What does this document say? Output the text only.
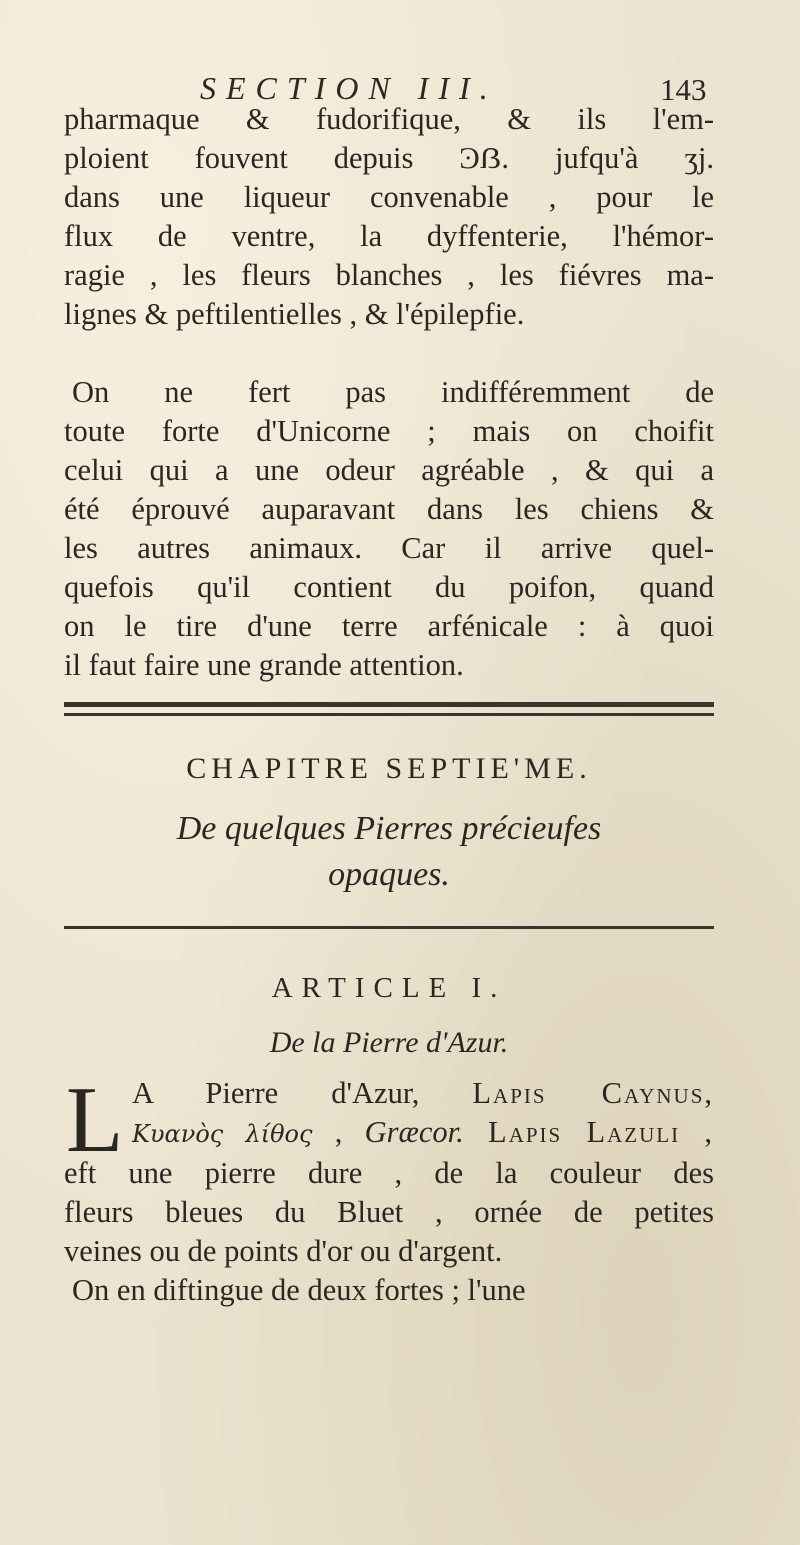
SECTION III.	143

pharmaque & fudorifique, & ils l'em-
ploient fouvent depuis Ͽẞ. jufqu'à ʒj.
dans une liqueur convenable , pour le
flux de ventre, la dyffenterie, l'hémor-
ragie , les fleurs blanches , les fiévres ma-
lignes & peftilentielles , & l'épilepfie.

On ne fert pas indifféremment de
toute forte d'Unicorne ; mais on choifit
celui qui a une odeur agréable , & qui a
été éprouvé auparavant dans les chiens &
les autres animaux. Car il arrive quel-
quefois qu'il contient du poifon, quand
on le tire d'une terre arfénicale : à quoi
il faut faire une grande attention.

CHAPITRE SEPTIE'ME.
De quelques Pierres précieufes
opaques.
ARTICLE I.
De la Pierre d'Azur.
L A Pierre d'Azur, Lapis Caynus,
Κυανὸς λίθος , Græcor. Lapis Lazuli ,
eft une pierre dure , de la couleur des
fleurs bleues du Bluet , ornée de petites
veines ou de points d'or ou d'argent.
On en diftingue de deux fortes ; l'une
